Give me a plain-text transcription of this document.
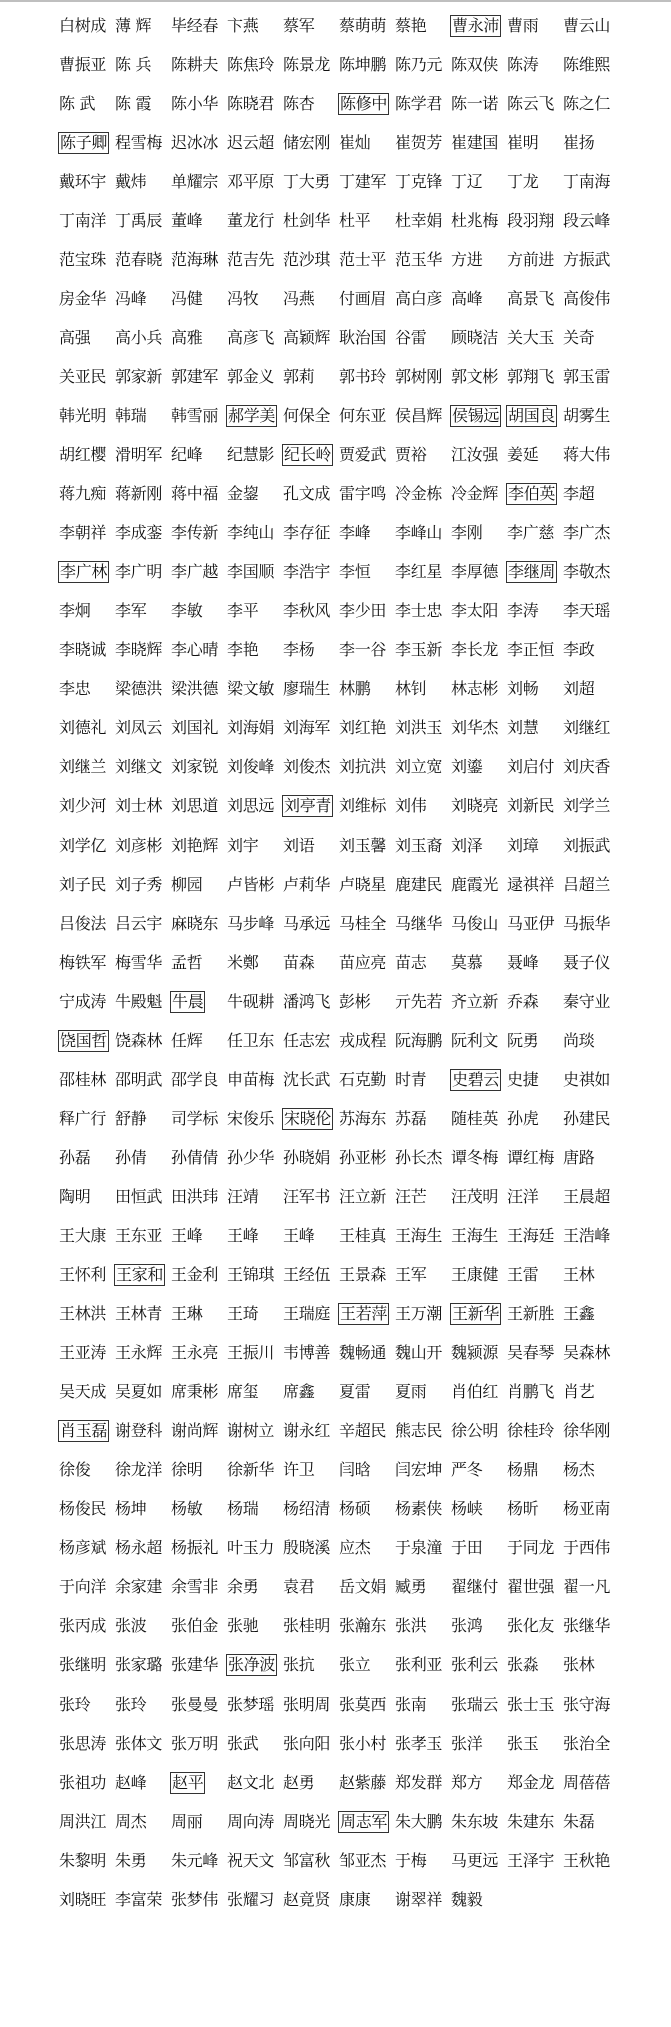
白树成 薄 辉	毕经春 卞燕	蔡军	蔡萌萌 蔡艳	曹永沛 曹雨	曹云山
曹振亚 陈 兵	陈耕夫 陈焦玲 陈景龙 陈坤鹏 陈乃元 陈双侠 陈涛	陈维熙
陈 武	陈 霞	陈小华 陈晓君 陈杏	陈修中 陈学君 陈一诺 陈云飞 陈之仁
陈子卿 程雪梅 迟冰冰 迟云超 储宏刚 崔灿	崔贺芳 崔建国 崔明	崔扬
戴环宇 戴炜	单耀宗 邓平原 丁大勇 丁建军 丁克锋 丁辽	丁龙	丁南海
丁南洋 丁禹辰 董峰	董龙行 杜剑华 杜平	杜幸娟 杜兆梅 段羽翔 段云峰
范宝珠 范春晓 范海琳 范吉先 范沙琪 范士平 范玉华 方进	方前进 方振武
房金华 冯峰	冯健	冯牧	冯燕	付画眉 高白彦 高峰	高景飞 高俊伟
高强	高小兵 高雅	高彦飞 高颖辉 耿治国 谷雷	顾晓洁 关大玉 关奇
关亚民 郭家新 郭建军 郭金义 郭莉	郭书玲 郭树刚 郭文彬 郭翔飞 郭玉雷
韩光明 韩瑞	韩雪丽 郝学美 何保全 何东亚 侯昌辉 侯锡远 胡国良 胡雾生
胡红樱 滑明军 纪峰	纪慧影 纪长岭 贾爱武 贾裕	江汝强 姜延	蒋大伟
蒋九痴 蒋新刚 蒋中福 金鋆	孔文成 雷宇鸣 冷金栋 冷金辉 李伯英 李超
李朝祥 李成銮 李传新 李纯山 李存征 李峰	李峰山 李刚	李广慈 李广杰
李广林 李广明 李广越 李国顺 李浩宇 李恒	李红星 李厚德 李继周 李敬杰
李炯	李军	李敏	李平	李秋风 李少田 李士忠 李太阳 李涛	李天瑶
李晓诚 李晓辉 李心晴 李艳	李杨	李一谷 李玉新 李长龙 李正恒 李政
李忠	梁德洪 梁洪德 梁文敏 廖瑞生 林鹏	林钊	林志彬 刘畅	刘超
刘德礼 刘凤云 刘国礼 刘海娟 刘海军 刘红艳 刘洪玉 刘华杰 刘慧	刘继红
刘继兰 刘继文 刘家锐 刘俊峰 刘俊杰 刘抗洪 刘立宽 刘鎏	刘启付 刘庆香
刘少河 刘士林 刘思道 刘思远 刘亭青 刘维标 刘伟	刘晓亮 刘新民 刘学兰
刘学亿 刘彦彬 刘艳辉 刘宇	刘语	刘玉馨 刘玉裔 刘泽	刘璋	刘振武
刘子民 刘子秀 柳园	卢皆彬 卢莉华 卢晓星 鹿建民 鹿霞光 逯祺祥 吕超兰
吕俊法 吕云宇 麻晓东 马步峰 马承远 马桂全 马继华 马俊山 马亚伊 马振华
梅铁军 梅雪华 孟哲	米鄭	苗森	苗应亮 苗志	莫慕	聂峰	聂子仪
宁成涛 牛殿魁 牛晨	牛砚耕 潘鸿飞 彭彬	亓先若 齐立新 乔森	秦守业
饶国哲 饶森林 任辉	任卫东 任志宏 戎成程 阮海鹏 阮利文 阮勇	尚琰
邵桂林 邵明武 邵学良 申苗梅 沈长武 石克勤 时青	史碧云 史捷	史祺如
释广行 舒静	司学标 宋俊乐 宋晓伦 苏海东 苏磊	随桂英 孙虎	孙建民
孙磊	孙倩	孙倩倩 孙少华 孙晓娟 孙亚彬 孙长杰 谭冬梅 谭红梅 唐路
陶明	田恒武 田洪玮 汪靖	汪军书 汪立新 汪芒	汪茂明 汪洋	王晨超
王大康 王东亚 王峰	王峰	王峰	王桂真 王海生 王海生 王海廷 王浩峰
王怀利 王家和 王金利 王锦琪 王经伍 王景森 王军	王康健 王雷	王林
王林洪 王林青 王琳	王琦	王瑞庭 王若萍 王万潮 王新华 王新胜 王鑫
王亚涛 王永辉 王永亮 王振川 韦博善 魏畅通 魏山开 魏颍源 吴春琴 吴森林
吴天成 吴夏如 席秉彬 席玺	席鑫	夏雷	夏雨	肖伯红 肖鹏飞 肖艺
肖玉磊 谢登科 谢尚辉 谢树立 谢永红 辛超民 熊志民 徐公明 徐桂玲 徐华刚
徐俊	徐龙洋 徐明	徐新华 许卫	闫晗	闫宏坤 严冬	杨鼎	杨杰
杨俊民 杨坤	杨敏	杨瑞	杨绍清 杨硕	杨素侠 杨峡	杨昕	杨亚南
杨彦斌 杨永超 杨振礼 叶玉力 殷晓溪 应杰	于泉潼 于田	于同龙 于西伟
于向洋 余家建 余雪非 余勇	袁君	岳文娟 臧勇	翟继付 翟世强 翟一凡
张丙成 张波	张伯金 张驰	张桂明 张瀚东 张洪	张鸿	张化友 张继华
张继明 张家璐 张建华 张净波 张抗	张立	张利亚 张利云 张淼	张林
张玲	张玲	张曼曼 张梦瑶 张明周 张莫西 张南	张瑞云 张士玉 张守海
张思涛 张体文 张万明 张武	张向阳 张小村 张孝玉 张洋	张玉	张治全
张祖功 赵峰	赵平	赵文北 赵勇	赵紫藤 郑发群 郑方	郑金龙 周蓓蓓
周洪江 周杰	周丽	周向涛 周晓光 周志军 朱大鹏 朱东坡 朱建东 朱磊
朱黎明 朱勇	朱元峰 祝天文 邹富秋 邹亚杰 于梅	马更远 王泽宇 王秋艳
刘晓旺 李富荣 张梦伟 张耀习 赵竟贤 康康	谢翠祥 魏毅
